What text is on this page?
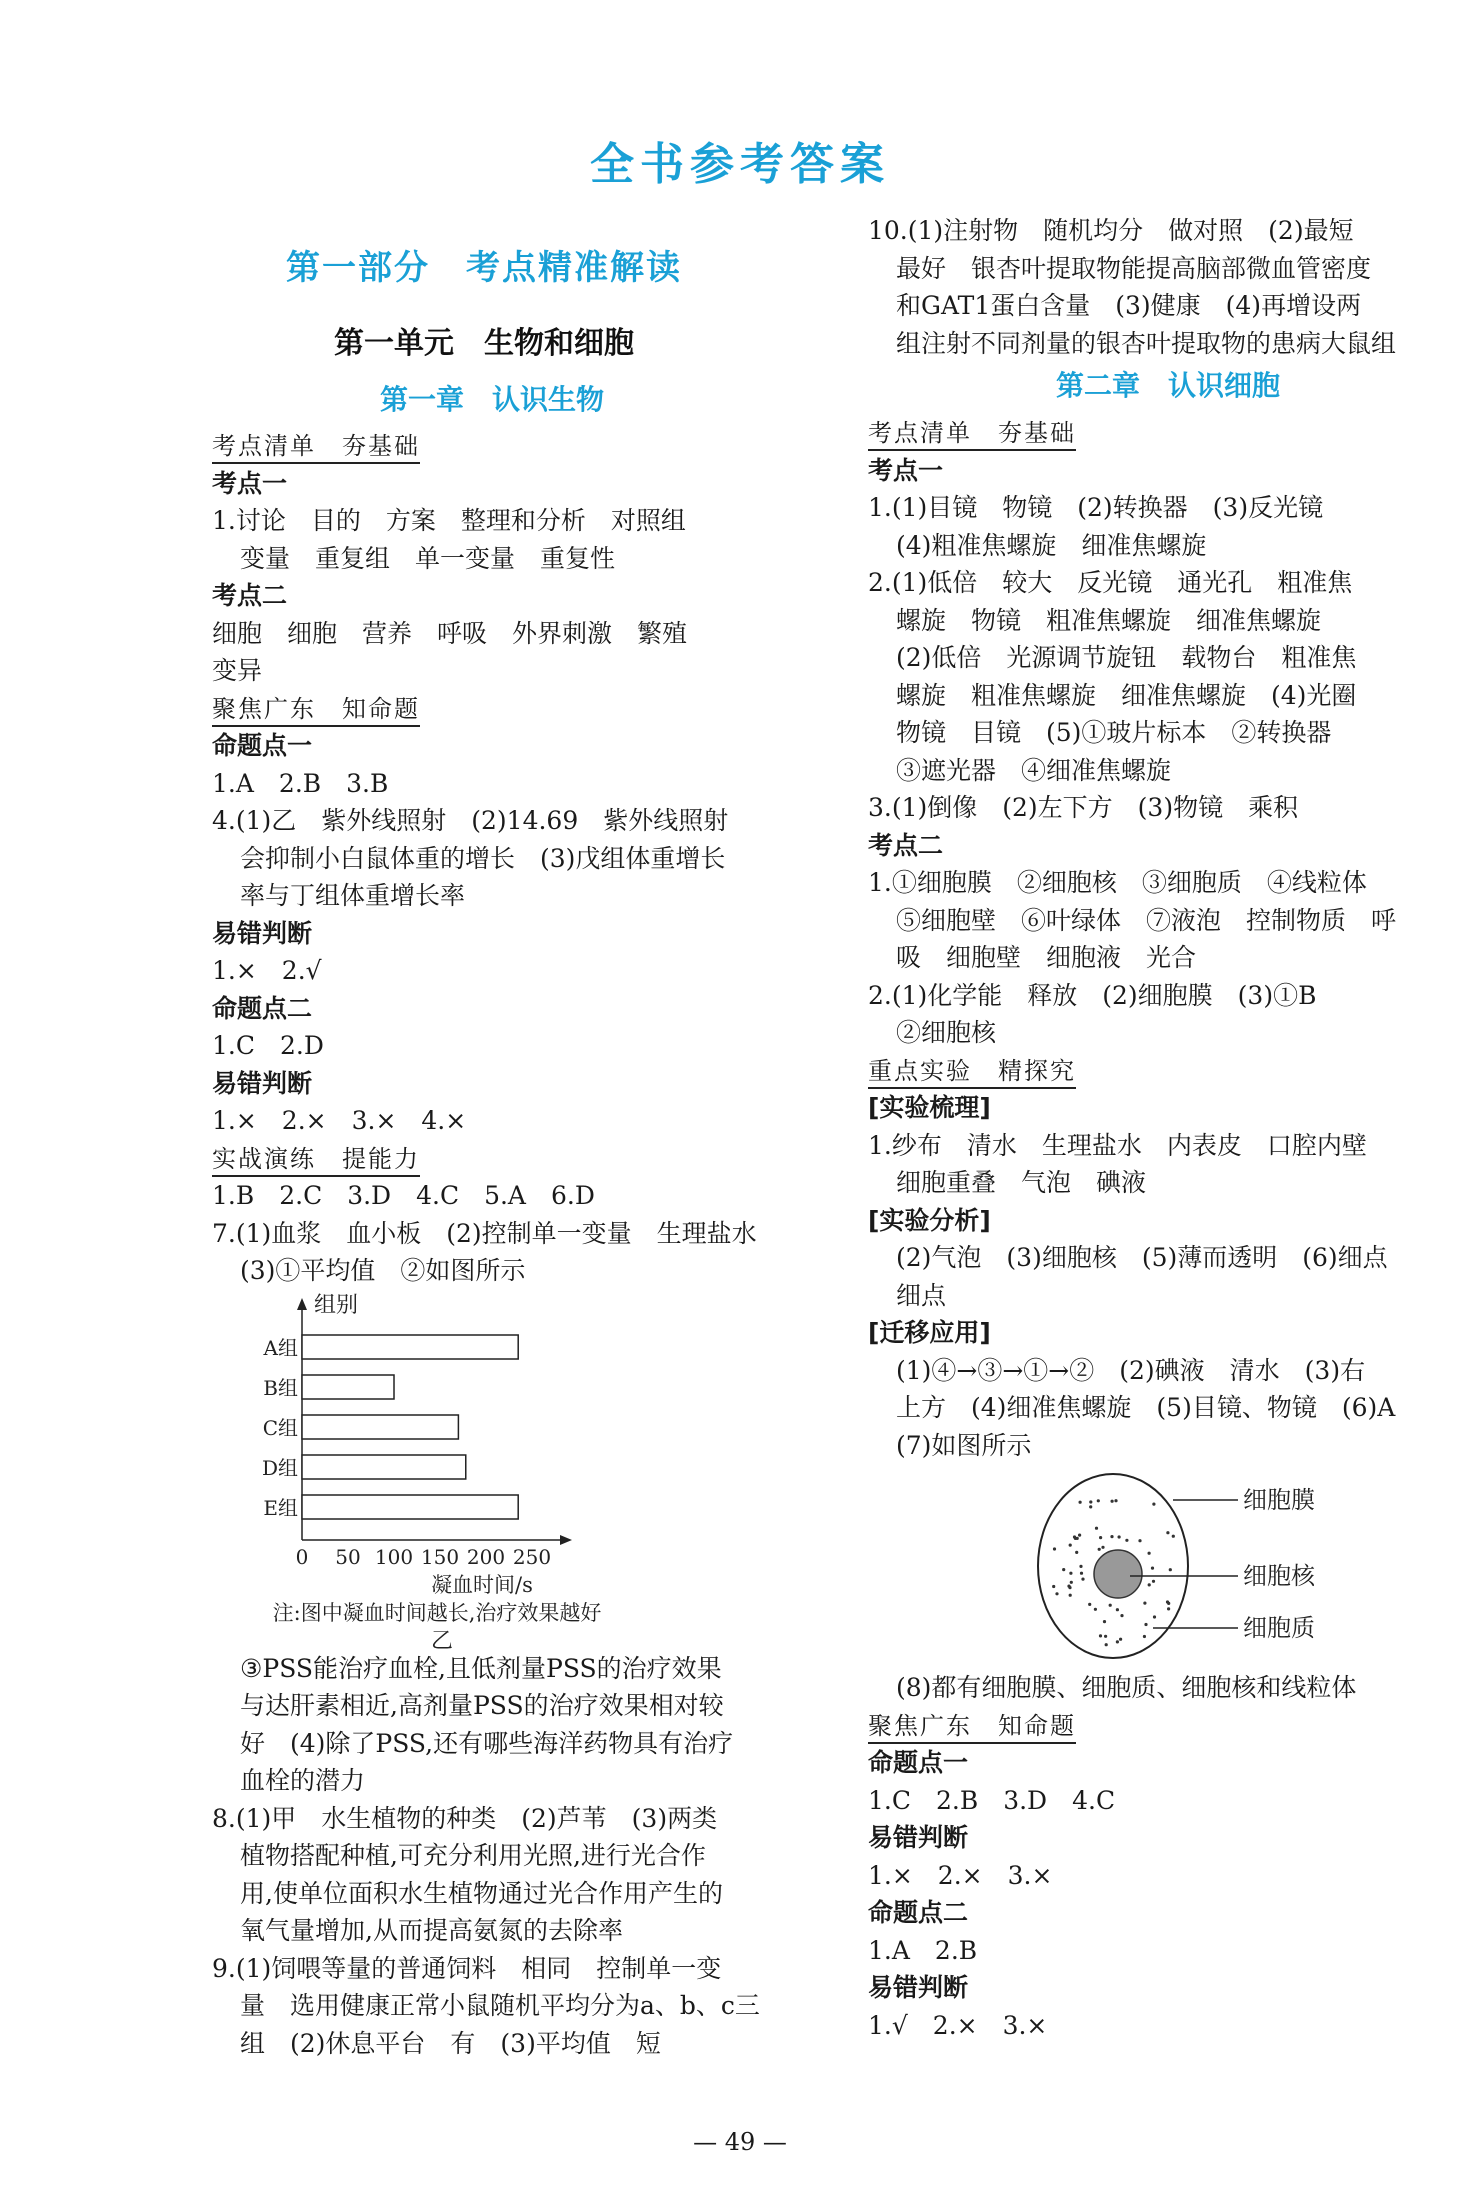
全书参考答案
第一部分　考点精准解读
第一单元　生物和细胞
第一章　认识生物
考点清单　夯基础
考点一
1.讨论　目的　方案　整理和分析　对照组
变量　重复组　单一变量　重复性
考点二
细胞　细胞　营养　呼吸　外界刺激　繁殖
变异
聚焦广东　知命题
命题点一
1.A　2.B　3.B
4.(1)乙　紫外线照射　(2)14.69　紫外线照射
会抑制小白鼠体重的增长　(3)戊组体重增长
率与丁组体重增长率
易错判断
1.×　2.√
命题点二
1.C　2.D
易错判断
1.×　2.×　3.×　4.×
实战演练　提能力
1.B　2.C　3.D　4.C　5.A　6.D
7.(1)血浆　血小板　(2)控制单一变量　生理盐水
(3)①平均值　②如图所示
组别
A组
B组
C组
D组
E组
0 50 100 150 200 250
凝血时间/s
注:图中凝血时间越长,治疗效果越好
乙
③PSS能治疗血栓,且低剂量PSS的治疗效果
与达肝素相近,高剂量PSS的治疗效果相对较
好　(4)除了PSS,还有哪些海洋药物具有治疗
血栓的潜力
8.(1)甲　水生植物的种类　(2)芦苇　(3)两类
植物搭配种植,可充分利用光照,进行光合作
用,使单位面积水生植物通过光合作用产生的
氧气量增加,从而提高氨氮的去除率
9.(1)饲喂等量的普通饲料　相同　控制单一变
量　选用健康正常小鼠随机平均分为a、b、c三
组　(2)休息平台　有　(3)平均值　短
10.(1)注射物　随机均分　做对照　(2)最短
最好　银杏叶提取物能提高脑部微血管密度
和GAT1蛋白含量　(3)健康　(4)再增设两
组注射不同剂量的银杏叶提取物的患病大鼠组
第二章　认识细胞
考点清单　夯基础
考点一
1.(1)目镜　物镜　(2)转换器　(3)反光镜
(4)粗准焦螺旋　细准焦螺旋
2.(1)低倍　较大　反光镜　通光孔　粗准焦
螺旋　物镜　粗准焦螺旋　细准焦螺旋
(2)低倍　光源调节旋钮　载物台　粗准焦
螺旋　粗准焦螺旋　细准焦螺旋　(4)光圈
物镜　目镜　(5)①玻片标本　②转换器
③遮光器　④细准焦螺旋
3.(1)倒像　(2)左下方　(3)物镜　乘积
考点二
1.①细胞膜　②细胞核　③细胞质　④线粒体
⑤细胞壁　⑥叶绿体　⑦液泡　控制物质　呼
吸　细胞壁　细胞液　光合
2.(1)化学能　释放　(2)细胞膜　(3)①B
②细胞核
重点实验　精探究
[实验梳理]
1.纱布　清水　生理盐水　内表皮　口腔内壁
细胞重叠　气泡　碘液
[实验分析]
(2)气泡　(3)细胞核　(5)薄而透明　(6)细点
细点
[迁移应用]
(1)④→③→①→②　(2)碘液　清水　(3)右
上方　(4)细准焦螺旋　(5)目镜、物镜　(6)A
(7)如图所示
细胞膜
细胞核
细胞质
(8)都有细胞膜、细胞质、细胞核和线粒体
聚焦广东　知命题
命题点一
1.C　2.B　3.D　4.C
易错判断
1.×　2.×　3.×
命题点二
1.A　2.B
易错判断
1.√　2.×　3.×
— 49 —
